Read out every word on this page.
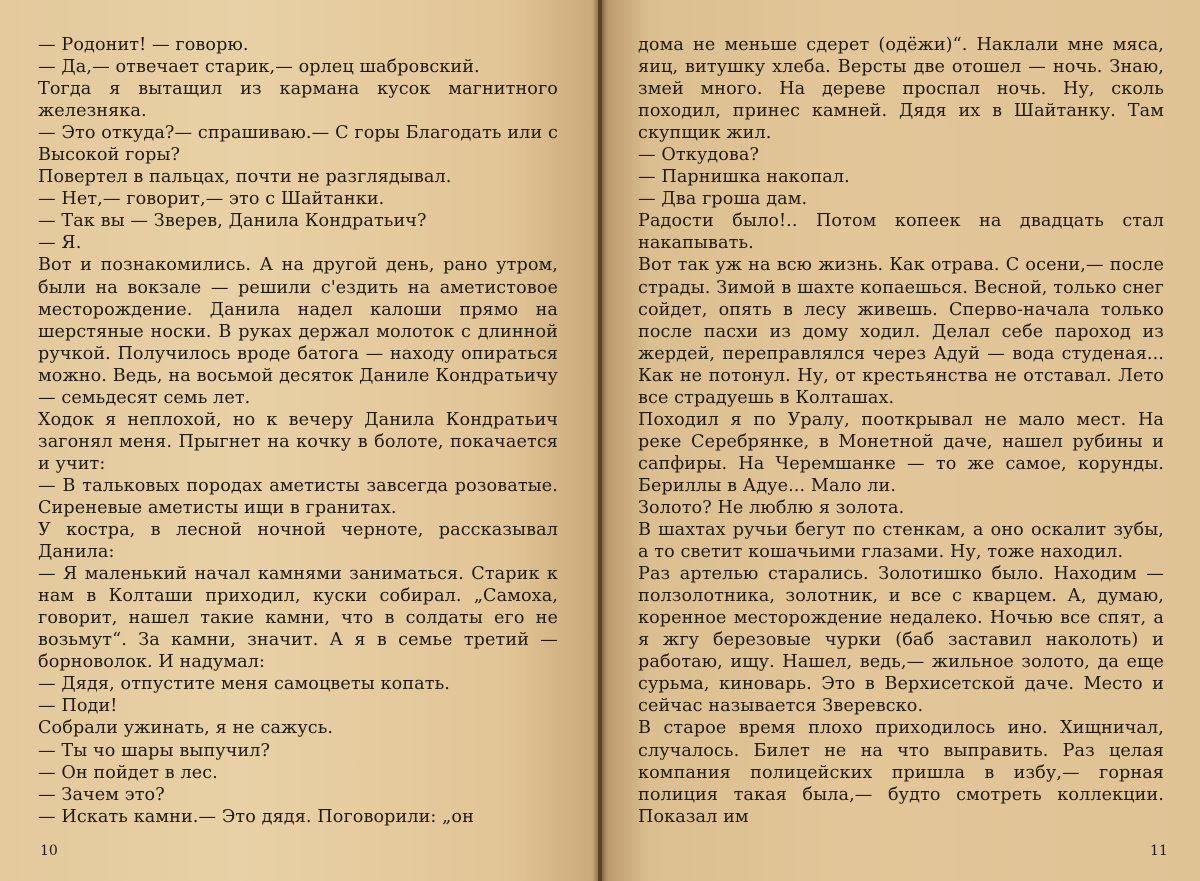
— Родонит! — говорю.

— Да,— отвечает старик,— орлец шабровский.

Тогда я вытащил из кармана кусок магнитного железняка.

— Это откуда?— спрашиваю.— С горы Благодать или с Высокой горы?

Повертел в пальцах, почти не разглядывал.

— Нет,— говорит,— это с Шайтанки.

— Так вы — Зверев, Данила Кондратьич?

— Я.

Вот и познакомились. А на другой день, рано утром, были на вокзале — решили с'ездить на аметистовое месторождение. Данила надел калоши прямо на шерстяные носки. В руках держал молоток с длинной ручкой. Получилось вроде батога — находу опираться можно. Ведь, на восьмой десяток Даниле Кондратьичу — семьдесят семь лет.

Ходок я неплохой, но к вечеру Данила Кондратьич загонял меня. Прыгнет на кочку в болоте, покачается и учит:

— В тальковых породах аметисты завсегда розоватые. Сиреневые аметисты ищи в гранитах.

У костра, в лесной ночной черноте, рассказывал Данила:

— Я маленький начал камнями заниматься. Старик к нам в Колташи приходил, куски собирал. „Самоха, говорит, нашел такие камни, что в солдаты его не возьмут“. За камни, значит. А я в семье третий — борноволок. И надумал:

— Дядя, отпустите меня самоцветы копать.

— Поди!

Собрали ужинать, я не сажусь.

— Ты чо шары выпучил?

— Он пойдет в лес.

— Зачем это?

— Искать камни.— Это дядя. Поговорили: „он

10

дома не меньше сдерет (одёжи)“. Наклали мне мяса, яиц, витушку хлеба. Версты две отошел — ночь. Знаю, змей много. На дереве проспал ночь. Ну, сколь походил, принес камней. Дядя их в Шайтанку. Там скупщик жил.

— Откудова?

— Парнишка накопал.

— Два гроша дам.

Радости было!.. Потом копеек на двадцать стал накапывать.

Вот так уж на всю жизнь. Как отрава. С осени,— после страды. Зимой в шахте копаешься. Весной, только снег сойдет, опять в лесу живешь. Сперво-начала только после пасхи из дому ходил. Делал себе пароход из жердей, переправлялся через Адуй — вода студеная... Как не потонул. Ну, от крестьянства не отставал. Лето все страдуешь в Колташах.

Походил я по Уралу, пооткрывал не мало мест. На реке Серебрянке, в Монетной даче, нашел рубины и сапфиры. На Черемшанке — то же самое, корунды. Бериллы в Адуе... Мало ли.

Золото? Не люблю я золота.

В шахтах ручьи бегут по стенкам, а оно оскалит зубы, а то светит кошачьими глазами. Ну, тоже находил.

Раз артелью старались. Золотишко было. Находим — ползолотника, золотник, и все с кварцем. А, думаю, коренное месторождение недалеко. Ночью все спят, а я жгу березовые чурки (баб заставил наколоть) и работаю, ищу. Нашел, ведь,— жильное золото, да еще сурьма, киноварь. Это в Верхисетской даче. Место и сейчас называется Зверевско.

В старое время плохо приходилось ино. Хищничал, случалось. Билет не на что выправить. Раз целая компания полицейских пришла в избу,— горная полиция такая была,— будто смотреть коллекции. Показал им

11
